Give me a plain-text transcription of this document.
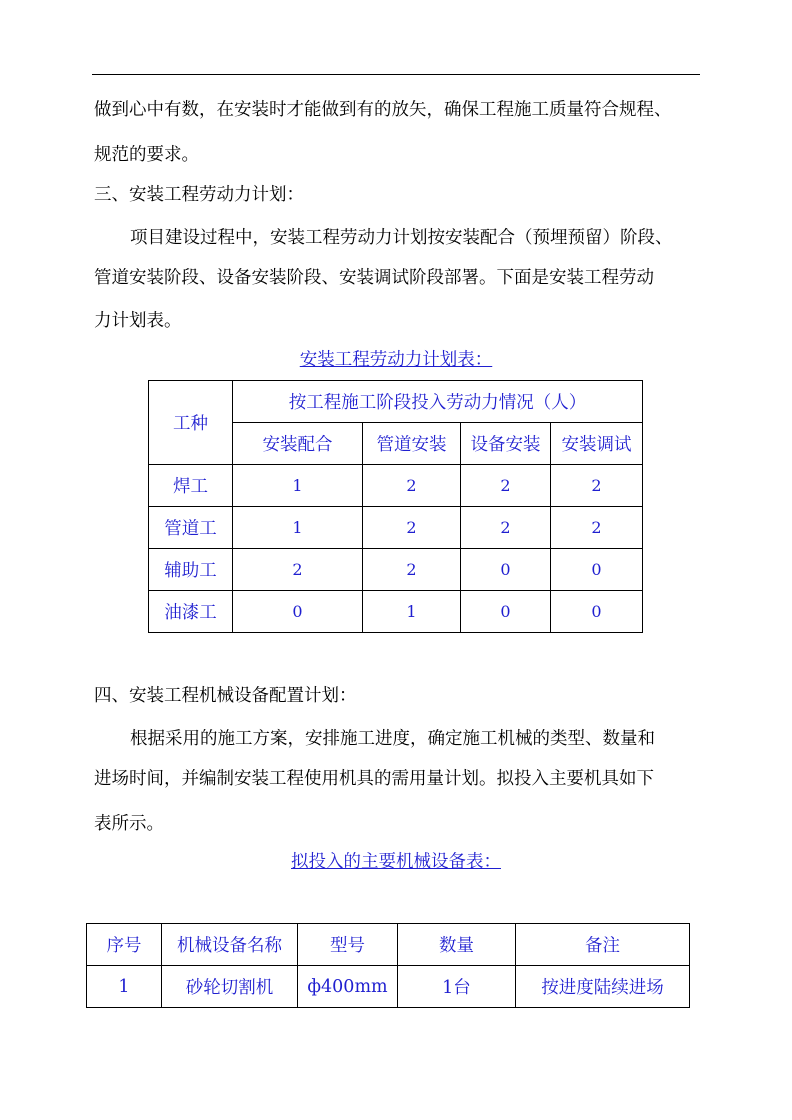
做到心中有数，在安装时才能做到有的放矢，确保工程施工质量符合规程、
规范的要求。
三、安装工程劳动力计划：
项目建设过程中，安装工程劳动力计划按安装配合（预埋预留）阶段、
管道安装阶段、设备安装阶段、安装调试阶段部署。下面是安装工程劳动
力计划表。
安装工程劳动力计划表：
工种	按工程施工阶段投入劳动力情况（人）			
	安装配合	管道安装	设备安装	安装调试
焊工	1	2	2	2
管道工	1	2	2	2
辅助工	2	2	0	0
油漆工	0	1	0	0
四、安装工程机械设备配置计划：
根据采用的施工方案，安排施工进度，确定施工机械的类型、数量和
进场时间，并编制安装工程使用机具的需用量计划。拟投入主要机具如下
表所示。
拟投入的主要机械设备表：
序号	机械设备名称	型号	数量	备注
1	砂轮切割机	ф400mm	1台	按进度陆续进场
